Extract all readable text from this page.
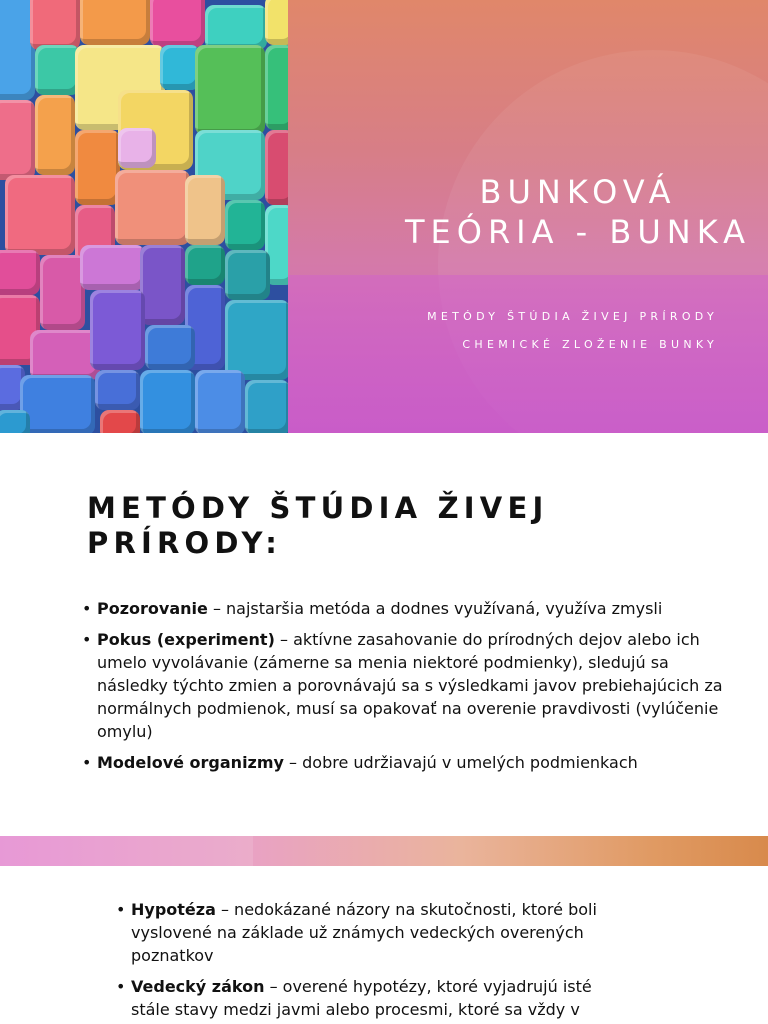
BUNKOVÁ
TEÓRIA - BUNKA
METÓDY ŠTÚDIA ŽIVEJ PRÍRODY
CHEMICKÉ ZLOŽENIE BUNKY
METÓDY ŠTÚDIA ŽIVEJ
PRÍRODY:
• Pozorovanie – najstaršia metóda a dodnes využívaná, využíva zmysli
• Pokus (experiment) – aktívne zasahovanie do prírodných dejov alebo ich umelo vyvolávanie (zámerne sa menia niektoré podmienky), sledujú sa následky týchto zmien a porovnávajú sa s výsledkami javov prebiehajúcich za normálnych podmienok, musí sa opakovať na overenie pravdivosti (vylúčenie omylu)
• Modelové organizmy – dobre udržiavajú v umelých podmienkach
• Hypotéza – nedokázané názory na skutočnosti, ktoré boli vyslovené na základe už známych vedeckých overených poznatkov
• Vedecký zákon – overené hypotézy, ktoré vyjadrujú isté stále stavy medzi javmi alebo procesmi, ktoré sa vždy v
